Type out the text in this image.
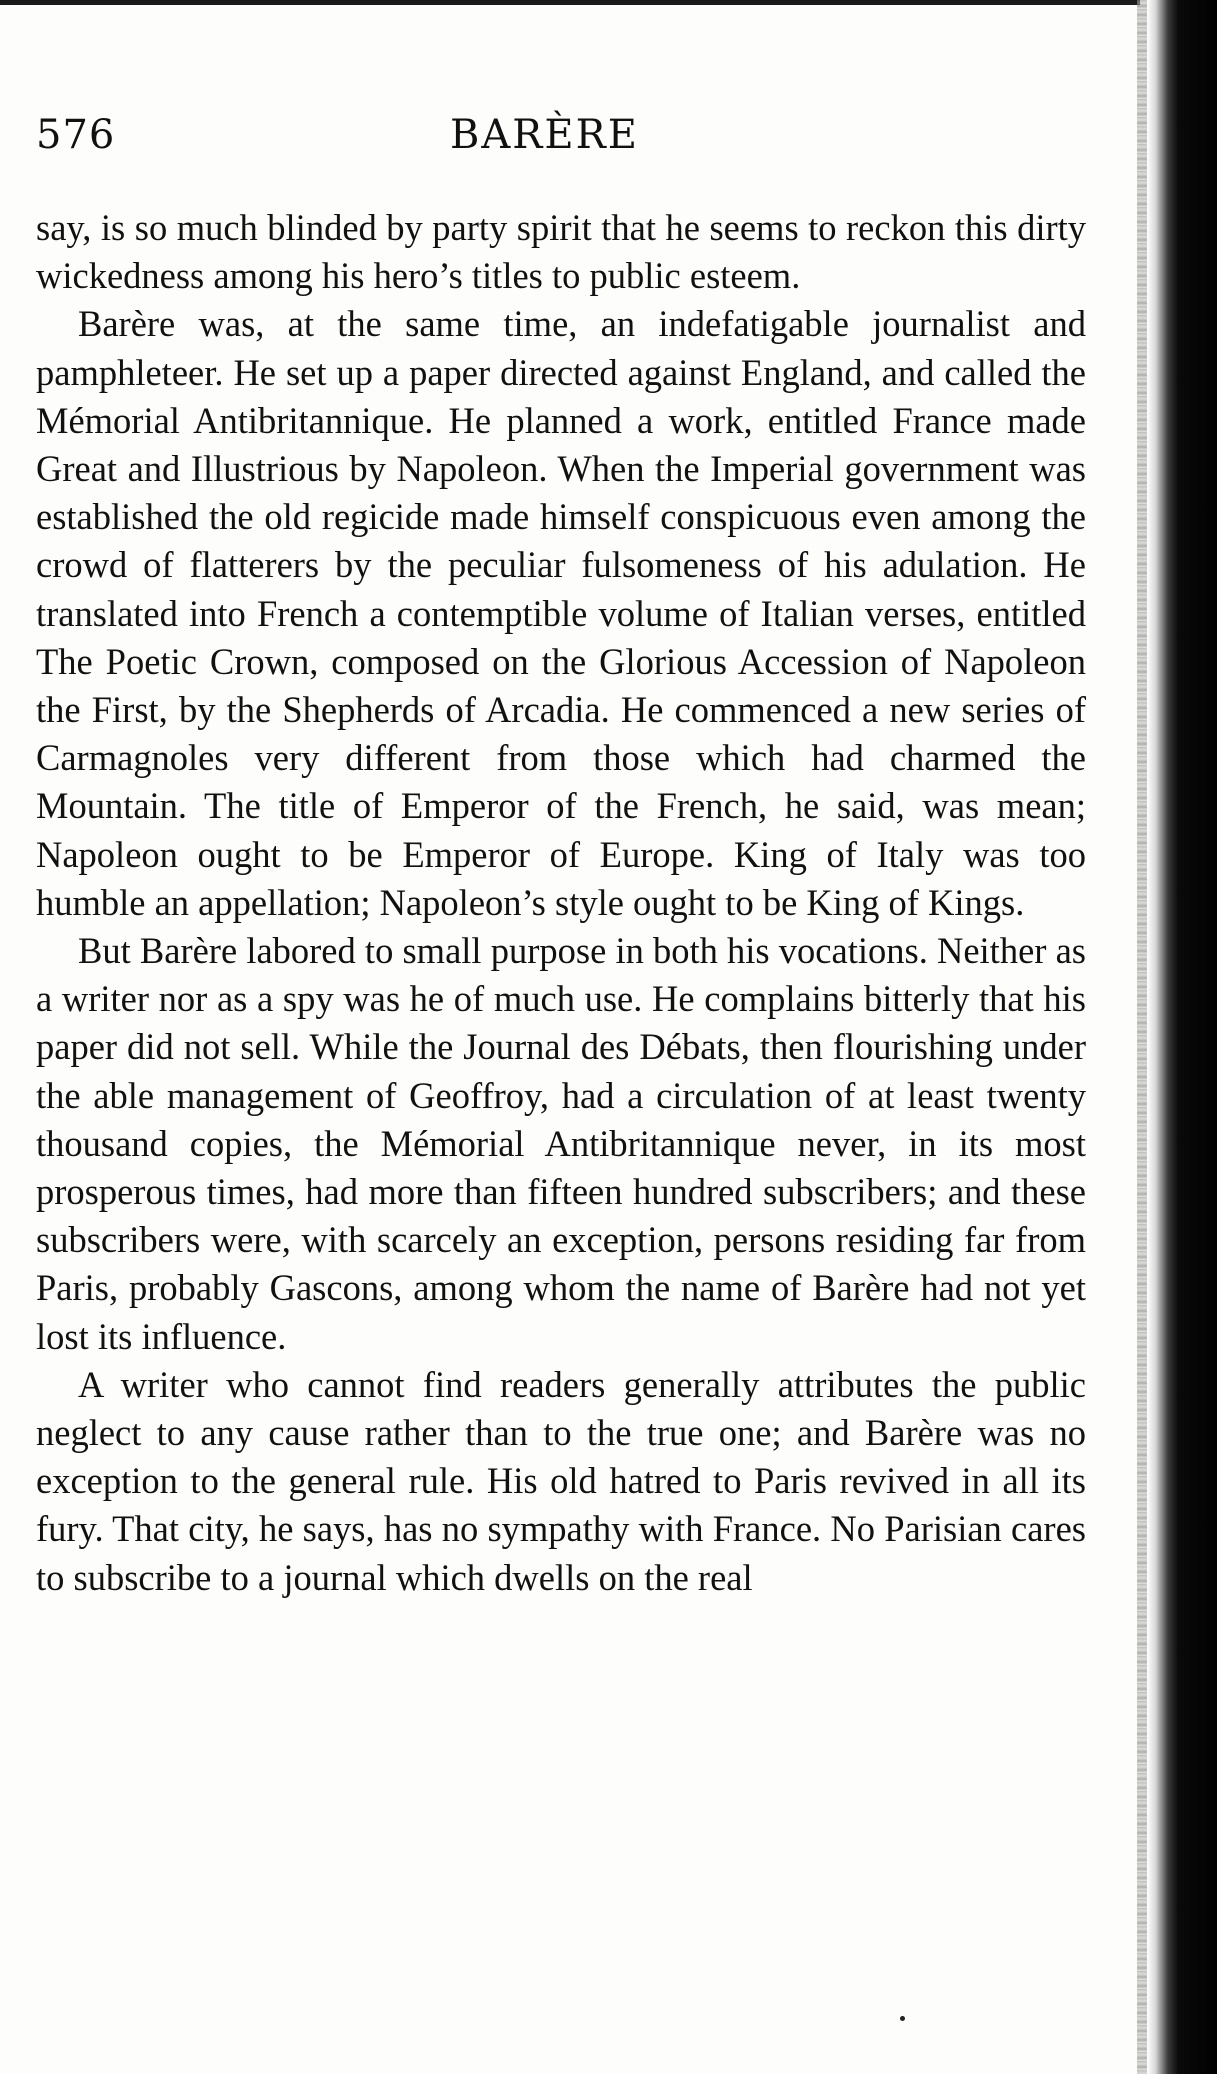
576	BARÈRE

say, is so much blinded by party spirit that he seems to reckon this dirty wickedness among his hero’s titles to public esteem.

Barère was, at the same time, an indefatigable journalist and pamphleteer. He set up a paper directed against England, and called the Mémorial Antibritannique. He planned a work, entitled France made Great and Illustrious by Napoleon. When the Imperial government was established the old regicide made himself conspicuous even among the crowd of flatterers by the peculiar fulsomeness of his adulation. He translated into French a contemptible volume of Italian verses, entitled The Poetic Crown, composed on the Glorious Accession of Napoleon the First, by the Shepherds of Arcadia. He commenced a new series of Carmagnoles very different from those which had charmed the Mountain. The title of Emperor of the French, he said, was mean; Napoleon ought to be Emperor of Europe. King of Italy was too humble an appellation; Napoleon’s style ought to be King of Kings.

But Barère labored to small purpose in both his vocations. Neither as a writer nor as a spy was he of much use. He complains bitterly that his paper did not sell. While the Journal des Débats, then flourishing under the able management of Geoffroy, had a circulation of at least twenty thousand copies, the Mémorial Antibritannique never, in its most prosperous times, had more than fifteen hundred subscribers; and these subscribers were, with scarcely an exception, persons residing far from Paris, probably Gascons, among whom the name of Barère had not yet lost its influence.

A writer who cannot find readers generally attributes the public neglect to any cause rather than to the true one; and Barère was no exception to the general rule. His old hatred to Paris revived in all its fury. That city, he says, has no sympathy with France. No Parisian cares to subscribe to a journal which dwells on the real
